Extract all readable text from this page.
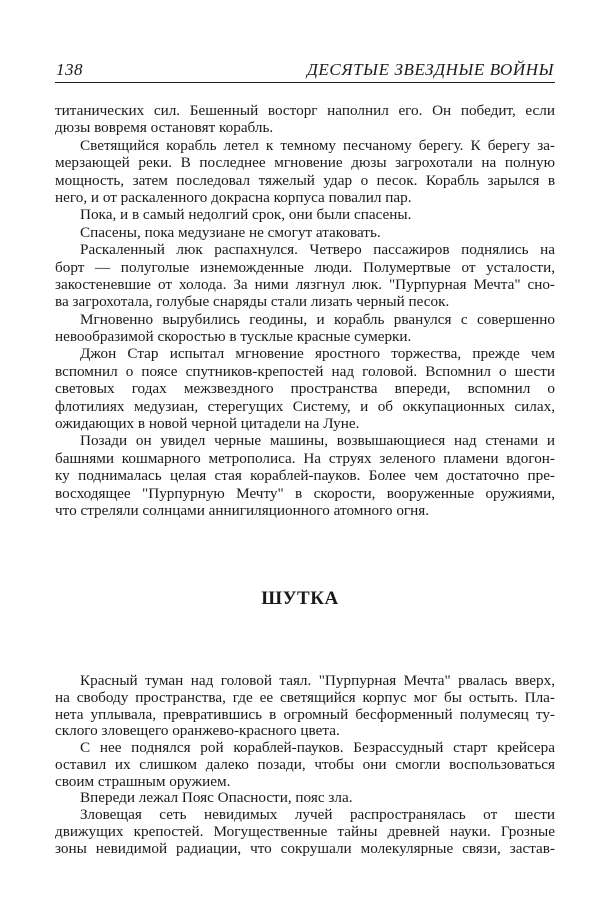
138	ДЕСЯТЫЕ ЗВЕЗДНЫЕ ВОЙНЫ
титанических сил. Бешенный восторг наполнил его. Он победит, если
дюзы вовремя остановят корабль.
Светящийся корабль летел к темному песчаному берегу. К берегу за-
мерзающей реки. В последнее мгновение дюзы загрохотали на полную
мощность, затем последовал тяжелый удар о песок. Корабль зарылся в
него, и от раскаленного докрасна корпуса повалил пар.
Пока, и в самый недолгий срок, они были спасены.
Спасены, пока медузиане не смогут атаковать.
Раскаленный люк распахнулся. Четверо пассажиров поднялись на
борт — полуголые изнеможденные люди. Полумертвые от усталости,
закостеневшие от холода. За ними лязгнул люк. "Пурпурная Мечта" сно-
ва загрохотала, голубые снаряды стали лизать черный песок.
Мгновенно вырубились геодины, и корабль рванулся с совершенно
невообразимой скоростью в тусклые красные сумерки.
Джон Стар испытал мгновение яростного торжества, прежде чем
вспомнил о поясе спутников-крепостей над головой. Вспомнил о шести
световых годах межзвездного пространства впереди, вспомнил о
флотилиях медузиан, стерегущих Систему, и об оккупационных силах,
ожидающих в новой черной цитадели на Луне.
Позади он увидел черные машины, возвышающиеся над стенами и
башнями кошмарного метрополиса. На струях зеленого пламени вдогон-
ку поднималась целая стая кораблей-пауков. Более чем достаточно пре-
восходящее "Пурпурную Мечту" в скорости, вооруженные оружиями,
что стреляли солнцами аннигиляционного атомного огня.
ШУТКА
Красный туман над головой таял. "Пурпурная Мечта" рвалась вверх,
на свободу пространства, где ее светящийся корпус мог бы остыть. Пла-
нета уплывала, превратившись в огромный бесформенный полумесяц ту-
склого зловещего оранжево-красного цвета.
С нее поднялся рой кораблей-пауков. Безрассудный старт крейсера
оставил их слишком далеко позади, чтобы они смогли воспользоваться
своим страшным оружием.
Впереди лежал Пояс Опасности, пояс зла.
Зловещая сеть невидимых лучей распространялась от шести
движущих крепостей. Могущественные тайны древней науки. Грозные
зоны невидимой радиации, что сокрушали молекулярные связи, застав-
